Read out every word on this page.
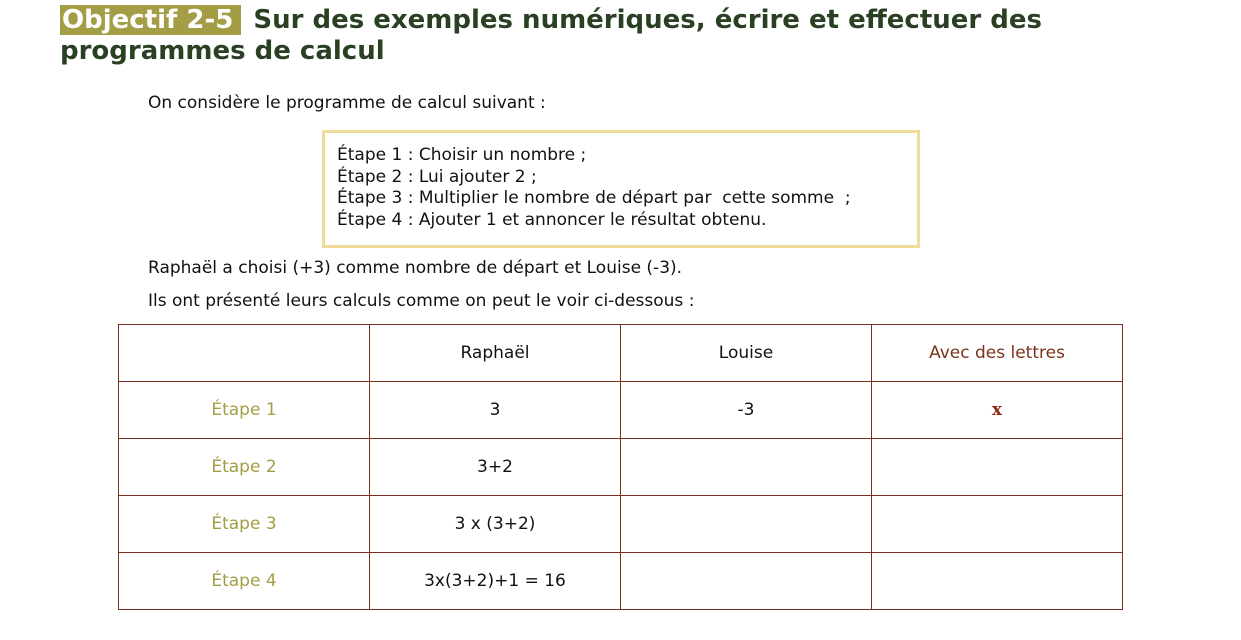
Objectif 2-5 Sur des exemples numériques, écrire et effectuer des programmes de calcul
On considère le programme de calcul suivant :
Étape 1 : Choisir un nombre ;
Étape 2 : Lui ajouter 2 ;
Étape 3 : Multiplier le nombre de départ par  cette somme  ;
Étape 4 : Ajouter 1 et annoncer le résultat obtenu.
Raphaël a choisi (+3) comme nombre de départ et Louise (-3).
Ils ont présenté leurs calculs comme on peut le voir ci-dessous :
	Raphaël	Louise	Avec des lettres
Étape 1	3	-3	x
Étape 2	3+2		
Étape 3	3 x (3+2)		
Étape 4	3x(3+2)+1 = 16		
